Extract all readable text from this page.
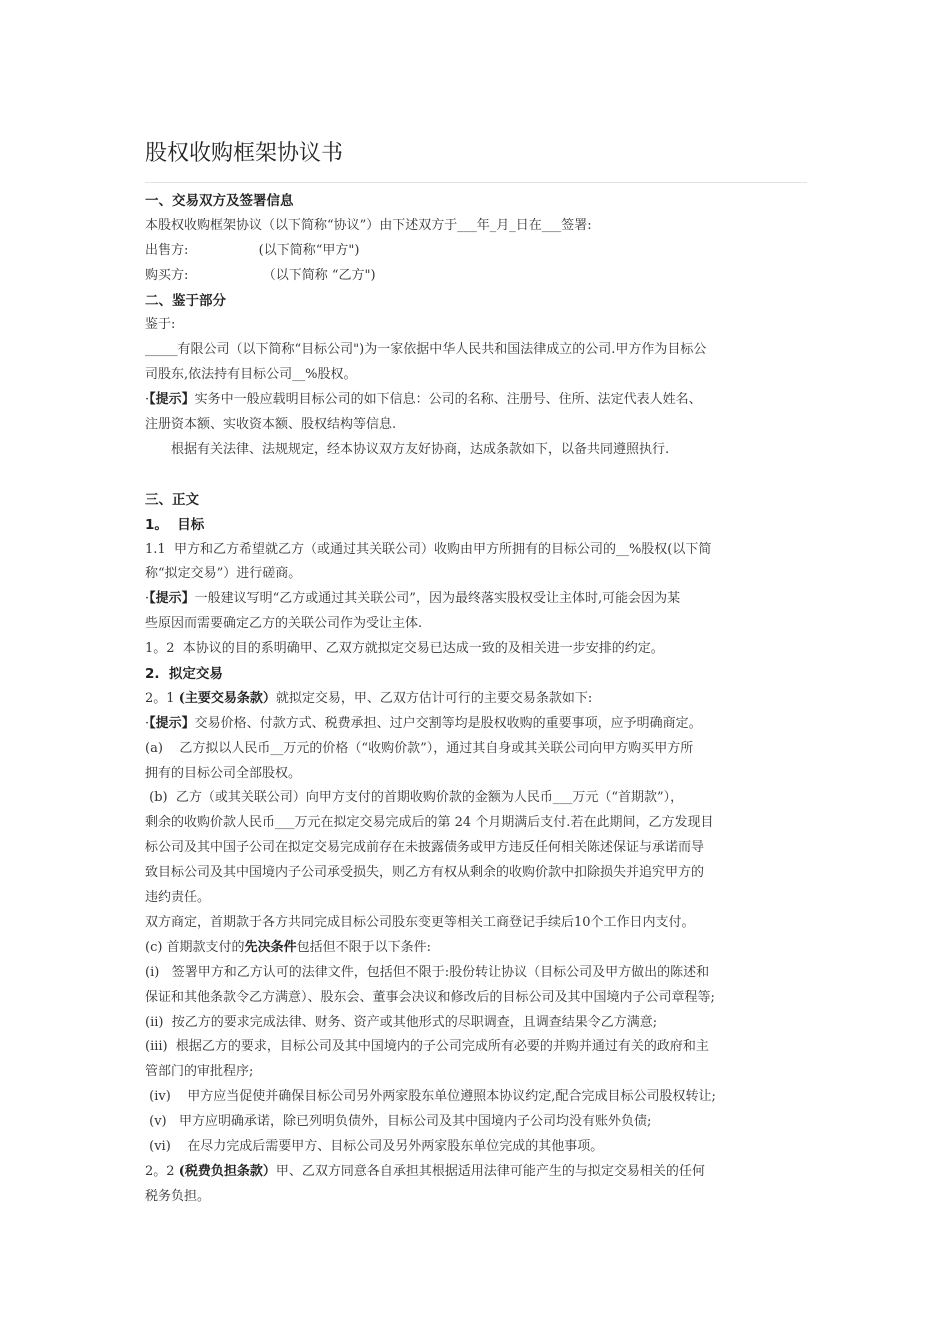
股权收购框架协议书
一、交易双方及签署信息
本股权收购框架协议（以下简称“协议”）由下述双方于___年_月_日在___签署:
出售方:                 (以下简称“甲方")
购买方:                  （以下简称 “乙方")
二、鉴于部分
鉴于:
_____有限公司（以下简称“目标公司")为一家依据中华人民共和国法律成立的公司.甲方作为目标公
司股东,依法持有目标公司__%股权。
·【提示】实务中一般应载明目标公司的如下信息：公司的名称、注册号、住所、法定代表人姓名、
注册资本额、实收资本额、股权结构等信息.
根据有关法律、法规规定，经本协议双方友好协商，达成条款如下，以备共同遵照执行.
三、正文
1。  目标
1.1  甲方和乙方希望就乙方（或通过其关联公司）收购由甲方所拥有的目标公司的__%股权(以下简
称“拟定交易”）进行磋商。
·【提示】一般建议写明“乙方或通过其关联公司”，因为最终落实股权受让主体时,可能会因为某
些原因而需要确定乙方的关联公司作为受让主体.
1。2  本协议的目的系明确甲、乙双方就拟定交易已达成一致的及相关进一步安排的约定。
2.  拟定交易
2。1 (主要交易条款）就拟定交易，甲、乙双方估计可行的主要交易条款如下:
·【提示】交易价格、付款方式、税费承担、过户交割等均是股权收购的重要事项，应予明确商定。
(a)    乙方拟以人民币__万元的价格（“收购价款”），通过其自身或其关联公司向甲方购买甲方所
拥有的目标公司全部股权。
(b)  乙方（或其关联公司）向甲方支付的首期收购价款的金额为人民币___万元（“首期款”），
剩余的收购价款人民币___万元在拟定交易完成后的第 24 个月期满后支付.若在此期间，乙方发现目
标公司及其中国子公司在拟定交易完成前存在未披露债务或甲方违反任何相关陈述保证与承诺而导
致目标公司及其中国境内子公司承受损失，则乙方有权从剩余的收购价款中扣除损失并追究甲方的
违约责任。
双方商定，首期款于各方共同完成目标公司股东变更等相关工商登记手续后10个工作日内支付。
(c) 首期款支付的先决条件包括但不限于以下条件:
(i)   签署甲方和乙方认可的法律文件，包括但不限于:股份转让协议（目标公司及甲方做出的陈述和
保证和其他条款令乙方满意）、股东会、董事会决议和修改后的目标公司及其中国境内子公司章程等;
(ii)  按乙方的要求完成法律、财务、资产或其他形式的尽职调查，且调查结果令乙方满意;
(iii)  根据乙方的要求，目标公司及其中国境内的子公司完成所有必要的并购并通过有关的政府和主
管部门的审批程序;
(iv)    甲方应当促使并确保目标公司另外两家股东单位遵照本协议约定,配合完成目标公司股权转让;
(v)   甲方应明确承诺，除已列明负债外，目标公司及其中国境内子公司均没有账外负债;
(vi)    在尽力完成后需要甲方、目标公司及另外两家股东单位完成的其他事项。
2。2 (税费负担条款）甲、乙双方同意各自承担其根据适用法律可能产生的与拟定交易相关的任何
税务负担。
